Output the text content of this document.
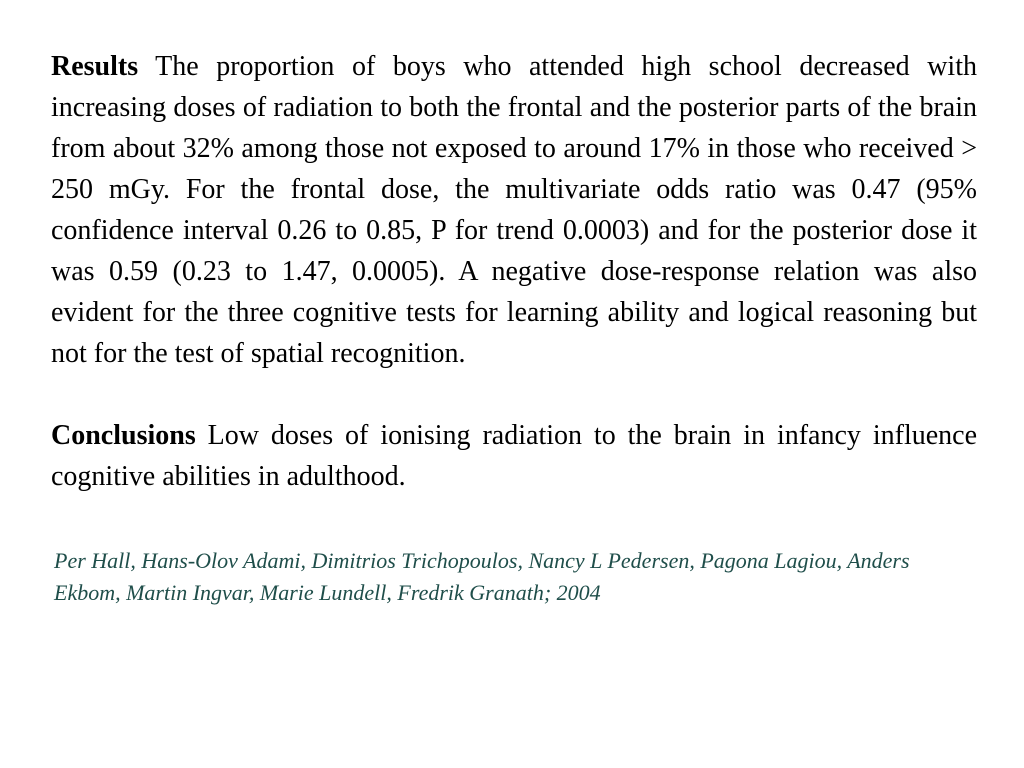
Results The proportion of boys who attended high school decreased with increasing doses of radiation to both the frontal and the posterior parts of the brain from about 32% among those not exposed to around 17% in those who received > 250 mGy. For the frontal dose, the multivariate odds ratio was 0.47 (95% confidence interval 0.26 to 0.85, P for trend 0.0003) and for the posterior dose it was 0.59 (0.23 to 1.47, 0.0005). A negative dose-response relation was also evident for the three cognitive tests for learning ability and logical reasoning but not for the test of spatial recognition.

Conclusions Low doses of ionising radiation to the brain in infancy influence cognitive abilities in adulthood.

Per Hall, Hans-Olov Adami, Dimitrios Trichopoulos, Nancy L Pedersen, Pagona Lagiou, Anders Ekbom, Martin Ingvar, Marie Lundell, Fredrik Granath; 2004
